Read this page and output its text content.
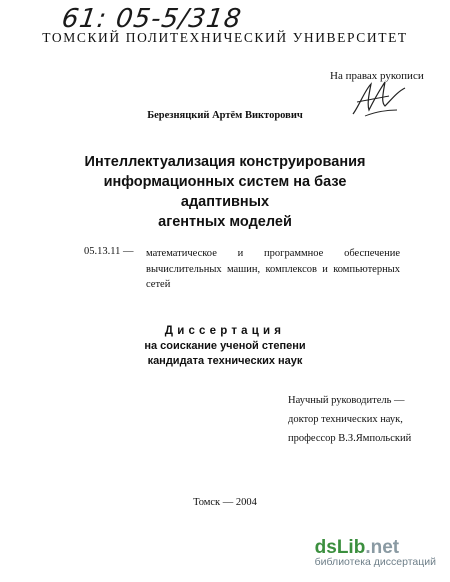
61: 05-5/318
ТОМСКИЙ ПОЛИТЕХНИЧЕСКИЙ УНИВЕРСИТЕТ
На правах рукописи
Березняцкий Артём Викторович
Интеллектуализация конструирования
информационных систем на базе адаптивных
агентных моделей
05.13.11 — математическое и программное обеспечение
вычислительных машин, комплексов и компьютерных
сетей
Диссертация
на соискание ученой степени
кандидата технических наук
Научный руководитель —
доктор технических наук,
профессор В.З.Ямпольский
Томск — 2004
dsLib.net
библиотека диссертаций
